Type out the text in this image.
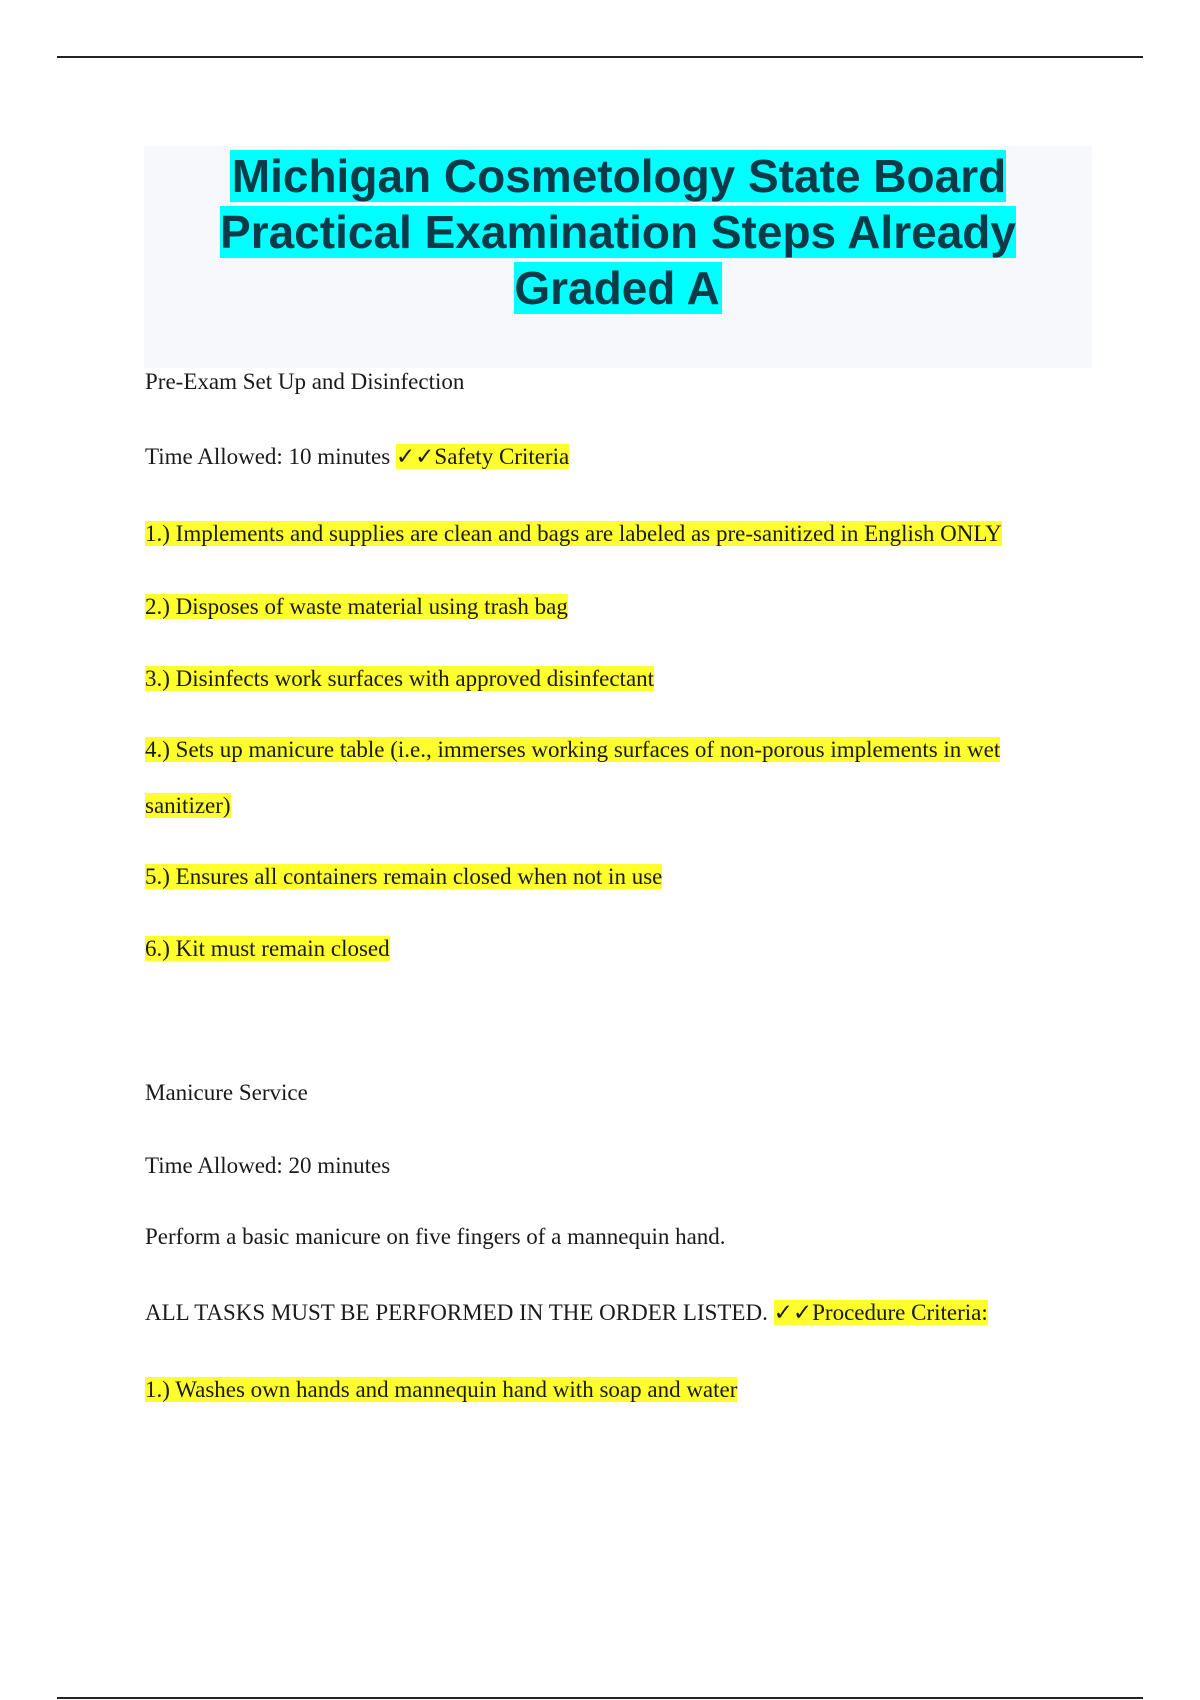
Michigan Cosmetology State Board Practical Examination Steps Already Graded A
Pre-Exam Set Up and Disinfection
Time Allowed: 10 minutes ✓✓Safety Criteria
1.) Implements and supplies are clean and bags are labeled as pre-sanitized in English ONLY
2.) Disposes of waste material using trash bag
3.) Disinfects work surfaces with approved disinfectant
4.) Sets up manicure table (i.e., immerses working surfaces of non-porous implements in wet
sanitizer)
5.) Ensures all containers remain closed when not in use
6.) Kit must remain closed
Manicure Service
Time Allowed: 20 minutes
Perform a basic manicure on five fingers of a mannequin hand.
ALL TASKS MUST BE PERFORMED IN THE ORDER LISTED. ✓✓Procedure Criteria:
1.) Washes own hands and mannequin hand with soap and water
